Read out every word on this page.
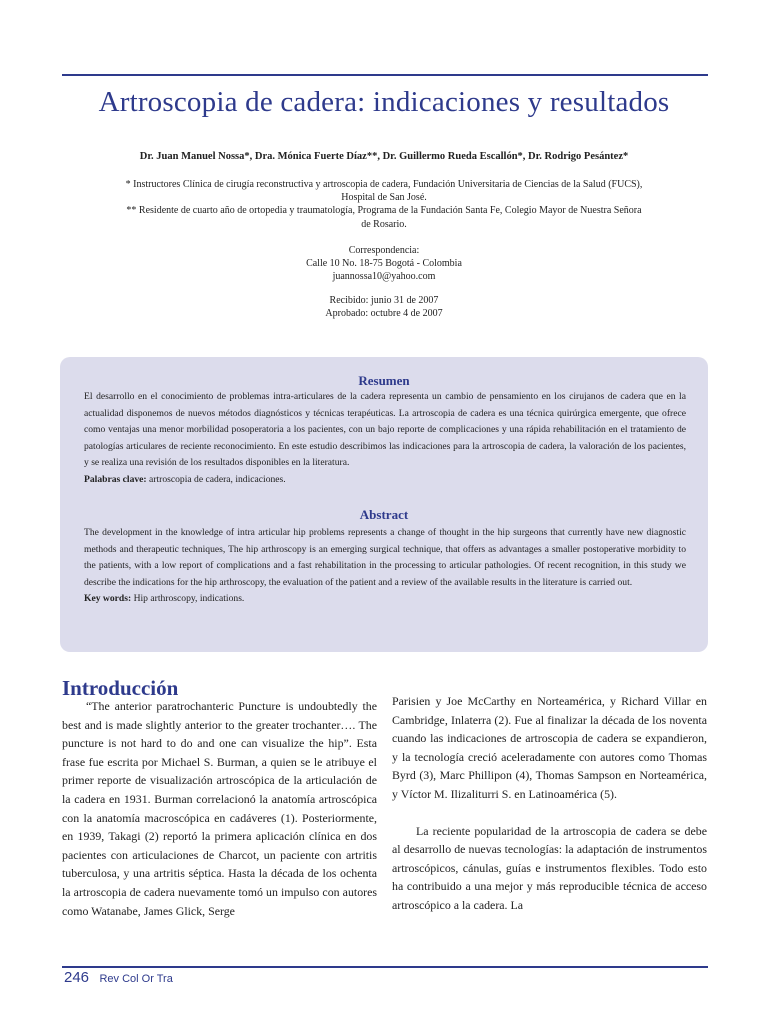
Artroscopia de cadera: indicaciones y resultados
Dr. Juan Manuel Nossa*, Dra. Mónica Fuerte Díaz**, Dr. Guillermo Rueda Escallón*, Dr. Rodrigo Pesántez*
* Instructores Clínica de cirugía reconstructiva y artroscopia de cadera, Fundación Universitaria de Ciencias de la Salud (FUCS),
Hospital de San José.
** Residente de cuarto año de ortopedia y traumatología, Programa de la Fundación Santa Fe, Colegio Mayor de Nuestra Señora
de Rosario.
Correspondencia:
Calle 10 No. 18-75 Bogotá - Colombia
juannossa10@yahoo.com
Recibido: junio 31 de 2007
Aprobado: octubre 4 de 2007
Resumen
El desarrollo en el conocimiento de problemas intra-articulares de la cadera representa un cambio de pensamiento en los cirujanos de cadera que en la actualidad disponemos de nuevos métodos diagnósticos y técnicas terapéuticas. La artroscopia de cadera es una técnica quirúrgica emergente, que ofrece como ventajas una menor morbilidad posoperatoria a los pacientes, con un bajo reporte de complicaciones y una rápida rehabilitación en el tratamiento de patologías articulares de reciente reconocimiento. En este estudio describimos las indicaciones para la artroscopia de cadera, la valoración de los pacientes, y se realiza una revisión de los resultados disponibles en la literatura.
Palabras clave: artroscopia de cadera, indicaciones.
Abstract
The development in the knowledge of intra articular hip problems represents a change of thought in the hip surgeons that currently have new diagnostic methods and therapeutic techniques, The hip arthroscopy is an emerging surgical technique, that offers as advantages a smaller postoperative morbidity to the patients, with a low report of complications and a fast rehabilitation in the processing to articular pathologies. Of recent recognition, in this study we describe the indications for the hip arthroscopy, the evaluation of the patient and a review of the available results in the literature is carried out.
Key words: Hip arthroscopy, indications.
Introducción

“The anterior paratrochanteric Puncture is undoubtedly the best and is made slightly anterior to the greater trochanter…. The puncture is not hard to do and one can visualize the hip”. Esta frase fue escrita por Michael S. Burman, a quien se le atribuye el primer reporte de visualización artroscópica de la articulación de la cadera en 1931. Burman correlacionó la anatomía artroscópica con la anatomía macroscópica en cadáveres (1). Posteriormente, en 1939, Takagi (2) reportó la primera aplicación clínica en dos pacientes con articulaciones de Charcot, un paciente con artritis tuberculosa, y una artritis séptica. Hasta la década de los ochenta la artroscopia de cadera nuevamente tomó un impulso con autores como Watanabe, James Glick, Serge

Parisien y Joe McCarthy en Norteamérica, y Richard Villar en Cambridge, Inlaterra (2). Fue al finalizar la década de los noventa cuando las indicaciones de artroscopia de cadera se expandieron, y la tecnología creció aceleradamente con autores como Thomas Byrd (3), Marc Phillipon (4), Thomas Sampson en Norteamérica, y Víctor M. Ilizaliturri S. en Latinoamérica (5).

La reciente popularidad de la artroscopia de cadera se debe al desarrollo de nuevas tecnologías: la adaptación de instrumentos artroscópicos, cánulas, guías e instrumentos flexibles. Todo esto ha contribuido a una mejor y más reproducible técnica de acceso artroscópico a la cadera. La

246 Rev Col Or Tra
